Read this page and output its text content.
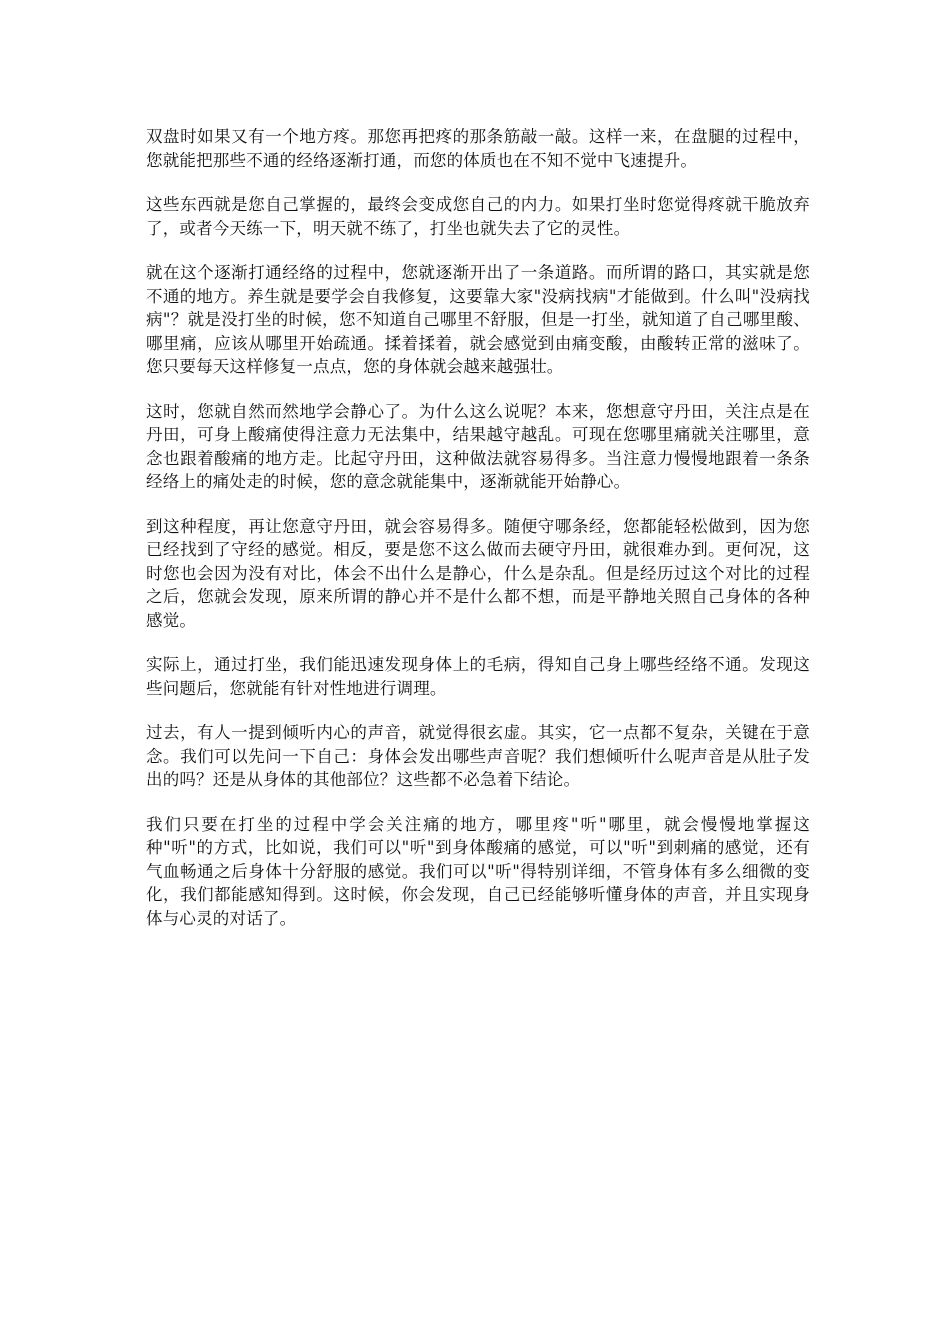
双盘时如果又有一个地方疼。那您再把疼的那条筋敲一敲。这样一来，在盘腿的过程中，您就能把那些不通的经络逐渐打通，而您的体质也在不知不觉中飞速提升。

这些东西就是您自己掌握的，最终会变成您自己的内力。如果打坐时您觉得疼就干脆放弃了，或者今天练一下，明天就不练了，打坐也就失去了它的灵性。

就在这个逐渐打通经络的过程中，您就逐渐开出了一条道路。而所谓的路口，其实就是您不通的地方。养生就是要学会自我修复，这要靠大家"没病找病"才能做到。什么叫"没病找病"？就是没打坐的时候，您不知道自己哪里不舒服，但是一打坐，就知道了自己哪里酸、哪里痛，应该从哪里开始疏通。揉着揉着，就会感觉到由痛变酸，由酸转正常的滋味了。您只要每天这样修复一点点，您的身体就会越来越强壮。

这时，您就自然而然地学会静心了。为什么这么说呢？本来，您想意守丹田，关注点是在丹田，可身上酸痛使得注意力无法集中，结果越守越乱。可现在您哪里痛就关注哪里，意念也跟着酸痛的地方走。比起守丹田，这种做法就容易得多。当注意力慢慢地跟着一条条经络上的痛处走的时候，您的意念就能集中，逐渐就能开始静心。

到这种程度，再让您意守丹田，就会容易得多。随便守哪条经，您都能轻松做到，因为您已经找到了守经的感觉。相反，要是您不这么做而去硬守丹田，就很难办到。更何况，这时您也会因为没有对比，体会不出什么是静心，什么是杂乱。但是经历过这个对比的过程之后，您就会发现，原来所谓的静心并不是什么都不想，而是平静地关照自己身体的各种感觉。

实际上，通过打坐，我们能迅速发现身体上的毛病，得知自己身上哪些经络不通。发现这些问题后，您就能有针对性地进行调理。

过去，有人一提到倾听内心的声音，就觉得很玄虚。其实，它一点都不复杂，关键在于意念。我们可以先问一下自己：身体会发出哪些声音呢？我们想倾听什么呢声音是从肚子发出的吗？还是从身体的其他部位？这些都不必急着下结论。

我们只要在打坐的过程中学会关注痛的地方，哪里疼"听"哪里，就会慢慢地掌握这种"听"的方式，比如说，我们可以"听"到身体酸痛的感觉，可以"听"到刺痛的感觉，还有气血畅通之后身体十分舒服的感觉。我们可以"听"得特别详细，不管身体有多么细微的变化，我们都能感知得到。这时候，你会发现，自己已经能够听懂身体的声音，并且实现身体与心灵的对话了。
